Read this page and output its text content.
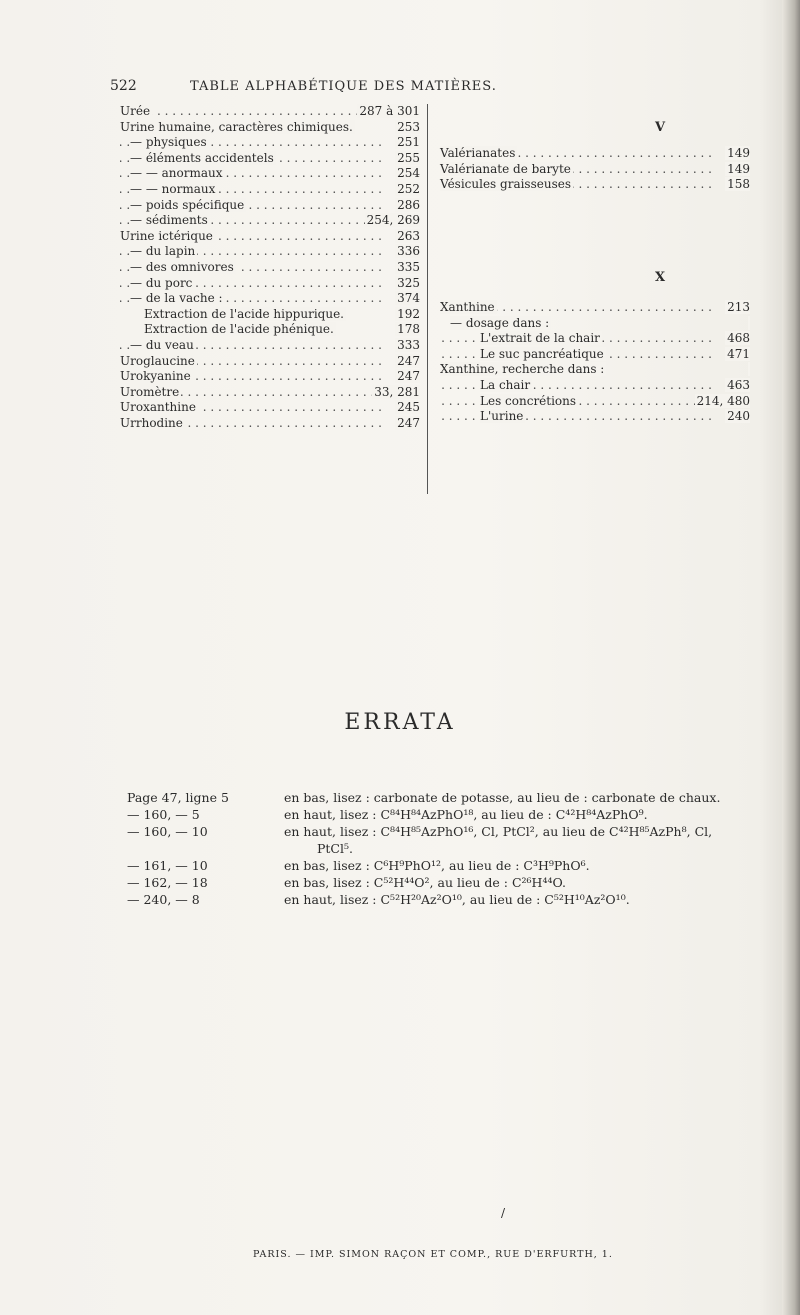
522	TABLE ALPHABÉTIQUE DES MATIÈRES.
. . .
Urée	287 à 301
Urine humaine, caractères chimiques.	253
. . .
— physiques	251
. . .
— éléments accidentels	255
. . .
— — anormaux	254
. . .
— — normaux	252
. . .
— poids spécifique	286
. . .
— sédiments	254, 269
. . .
Urine ictérique	263
. . .
— du lapin	336
. . .
— des omnivores	335
. . .
— du porc	325
. . .
— de la vache :	374
Extraction de l'acide hippurique.	192
Extraction de l'acide phénique.	178
. . .
— du veau	333
. . .
Uroglaucine	247
. . .
Urokyanine	247
. . .
Uromètre	33, 281
. . .
Uroxanthine	245
. . .
Urrhodine	247
V
. . .
Valérianates	149
. . .
Valérianate de baryte	149
. . .
Vésicules graisseuses	158
X
. . .
Xanthine	213
— dosage dans :
. . .
L'extrait de la chair	468
. . .
Le suc pancréatique	471
Xanthine, recherche dans :
. . .
La chair	463
. . .
Les concrétions	214, 480
. . .
L'urine	240
ERRATA
Page 47, ligne 5	en bas, lisez : carbonate de potasse, au lieu de : carbonate de chaux.
— 160, — 5	en haut, lisez : C⁸⁴H⁸⁴AzPhO¹⁸, au lieu de : C⁴²H⁸⁴AzPhO⁹.
— 160, — 10	en haut, lisez : C⁸⁴H⁸⁵AzPhO¹⁶, Cl, PtCl², au lieu de C⁴²H⁸⁵AzPh⁸, Cl,
PtCl⁵.
— 161, — 10	en bas, lisez : C⁶H⁹PhO¹², au lieu de : C³H⁹PhO⁶.
— 162, — 18	en bas, lisez : C⁵²H⁴⁴O², au lieu de : C²⁶H⁴⁴O.
— 240, — 8	en haut, lisez : C⁵²H²⁰Az²O¹⁰, au lieu de : C⁵²H¹⁰Az²O¹⁰.
/
PARIS. — IMP. SIMON RAÇON ET COMP., RUE D'ERFURTH, 1.
